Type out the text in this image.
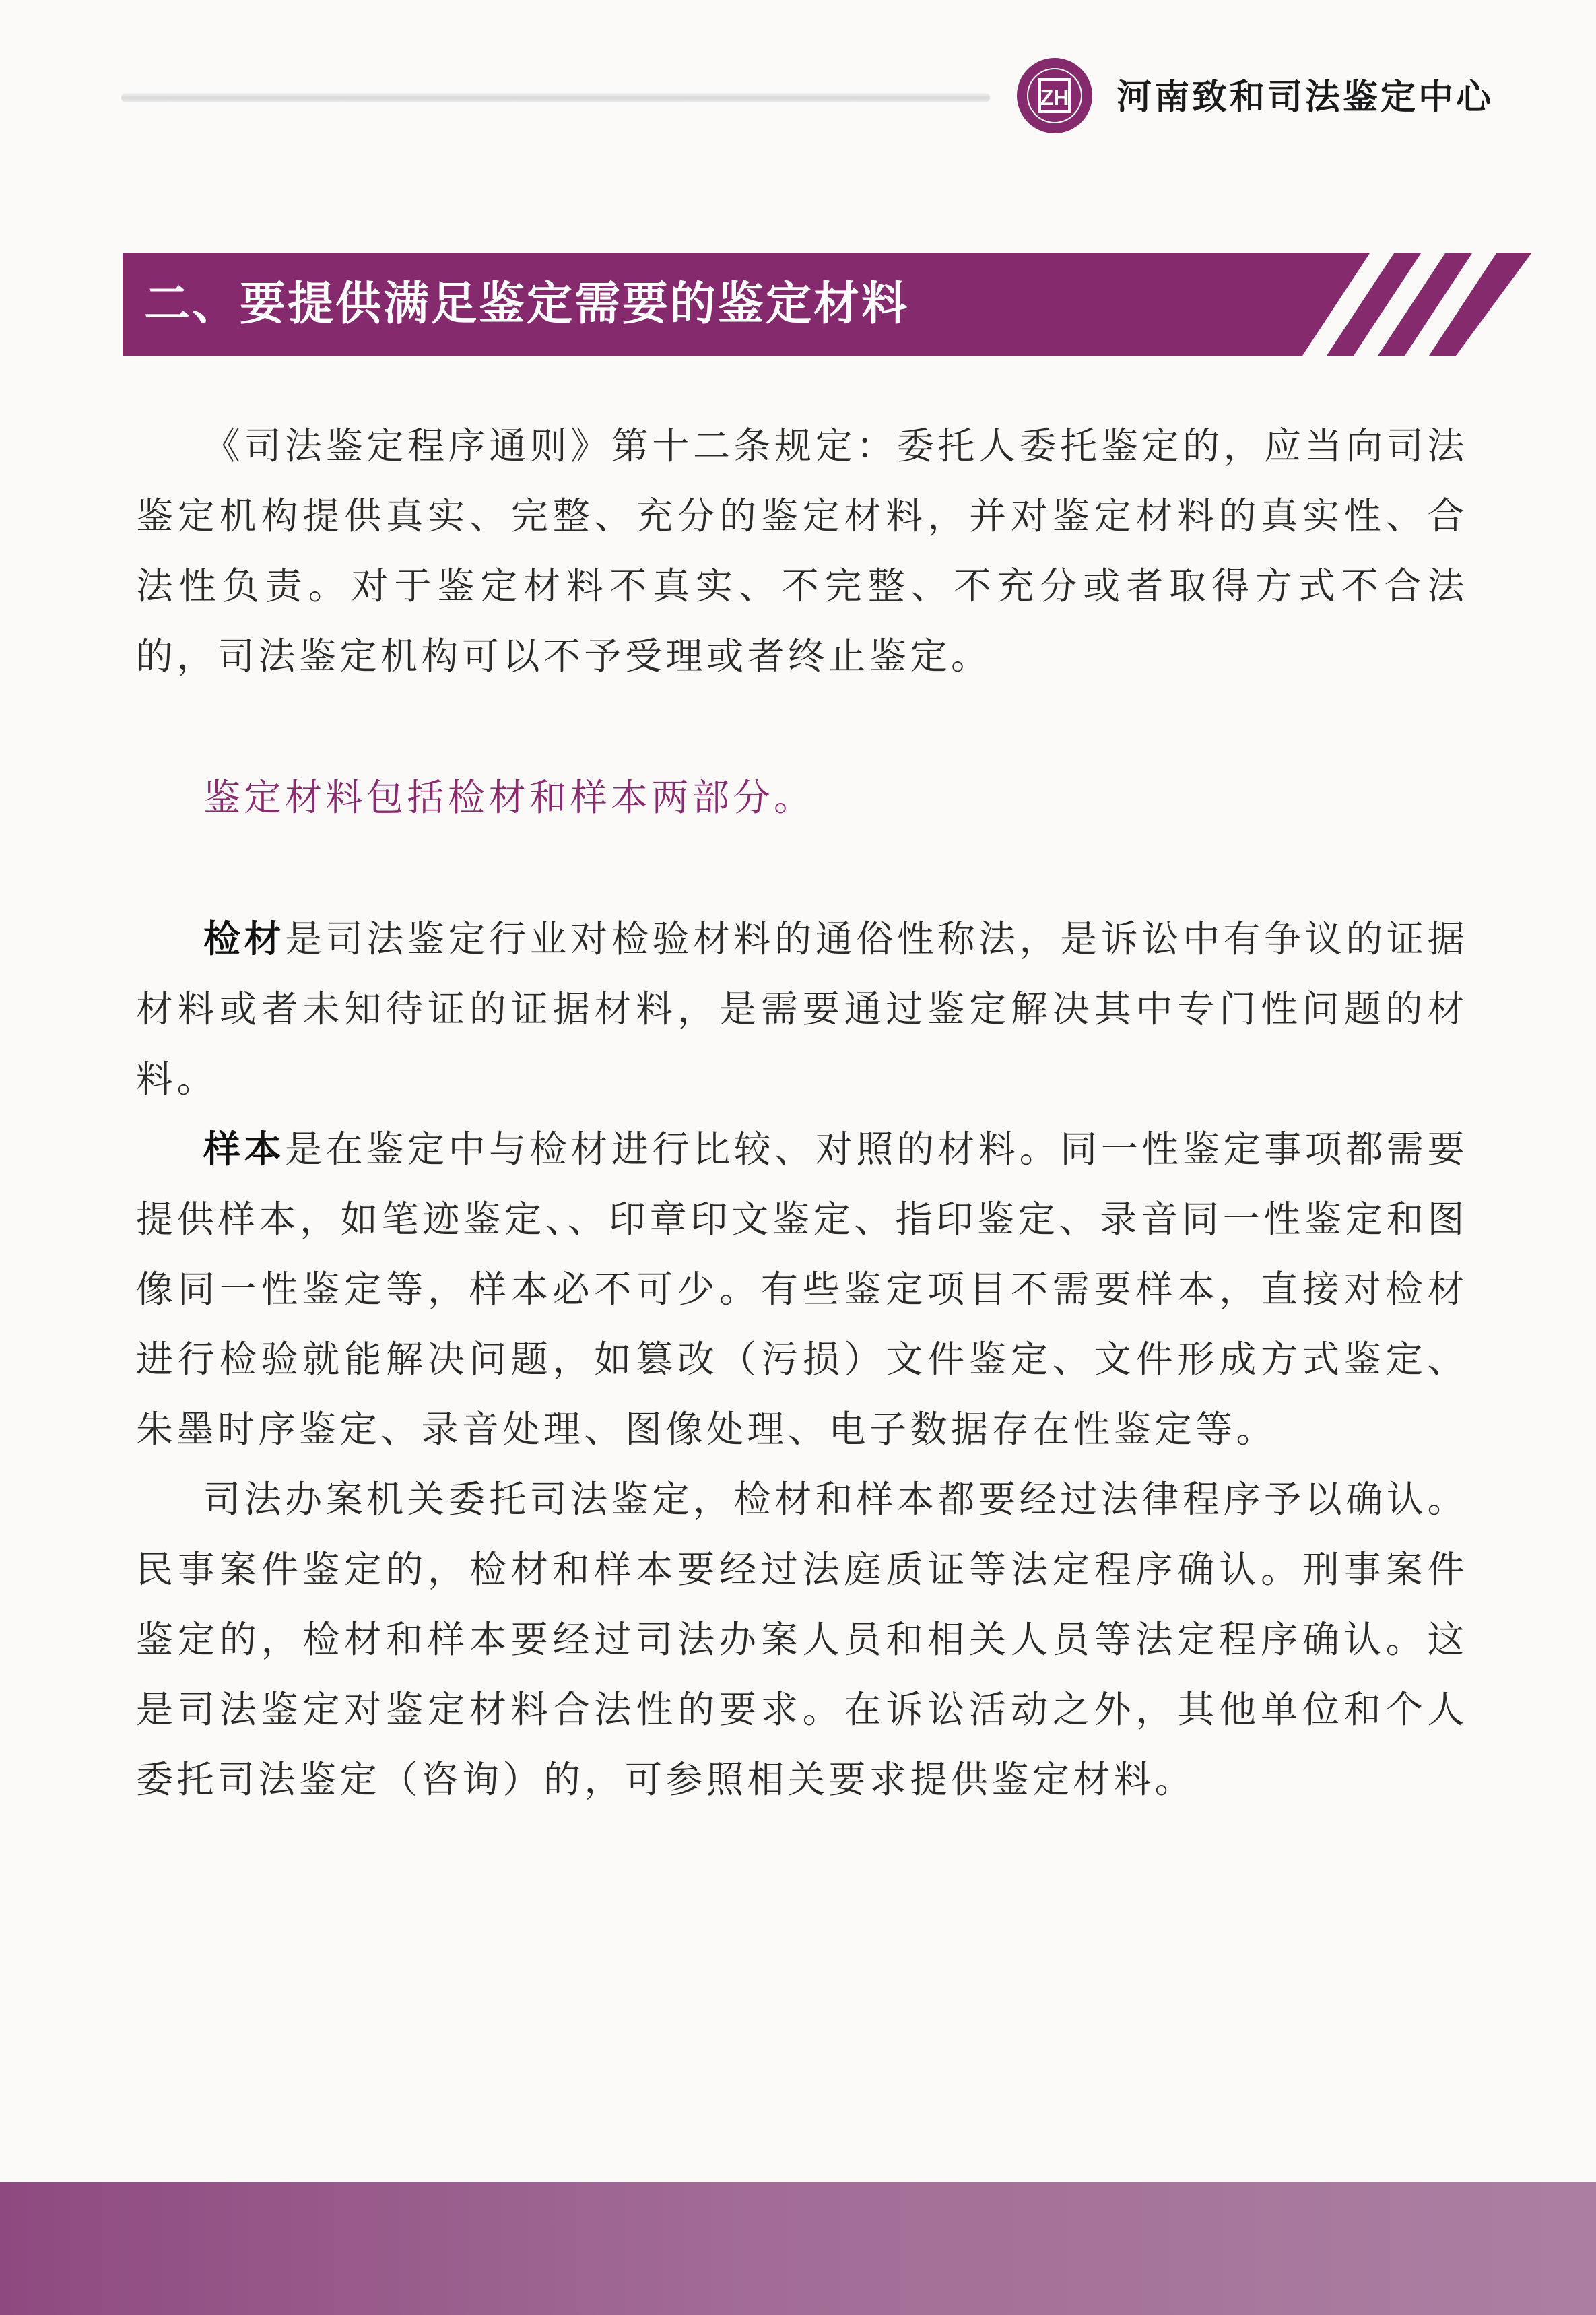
ZH 河南致和司法鉴定中心
二、要提供满足鉴定需要的鉴定材料

《司法鉴定程序通则》第十二条规定：委托人委托鉴定的，应当向司法鉴定机构提供真实、完整、充分的鉴定材料，并对鉴定材料的真实性、合法性负责。对于鉴定材料不真实、不完整、不充分或者取得方式不合法的，司法鉴定机构可以不予受理或者终止鉴定。

鉴定材料包括检材和样本两部分。

检材是司法鉴定行业对检验材料的通俗性称法，是诉讼中有争议的证据材料或者未知待证的证据材料，是需要通过鉴定解决其中专门性问题的材料。

样本是在鉴定中与检材进行比较、对照的材料。同一性鉴定事项都需要提供样本，如笔迹鉴定、、印章印文鉴定、指印鉴定、录音同一性鉴定和图像同一性鉴定等，样本必不可少。有些鉴定项目不需要样本，直接对检材进行检验就能解决问题，如篡改（污损）文件鉴定、文件形成方式鉴定、朱墨时序鉴定、录音处理、图像处理、电子数据存在性鉴定等。

司法办案机关委托司法鉴定，检材和样本都要经过法律程序予以确认。民事案件鉴定的，检材和样本要经过法庭质证等法定程序确认。刑事案件鉴定的，检材和样本要经过司法办案人员和相关人员等法定程序确认。这是司法鉴定对鉴定材料合法性的要求。在诉讼活动之外，其他单位和个人委托司法鉴定（咨询）的，可参照相关要求提供鉴定材料。
